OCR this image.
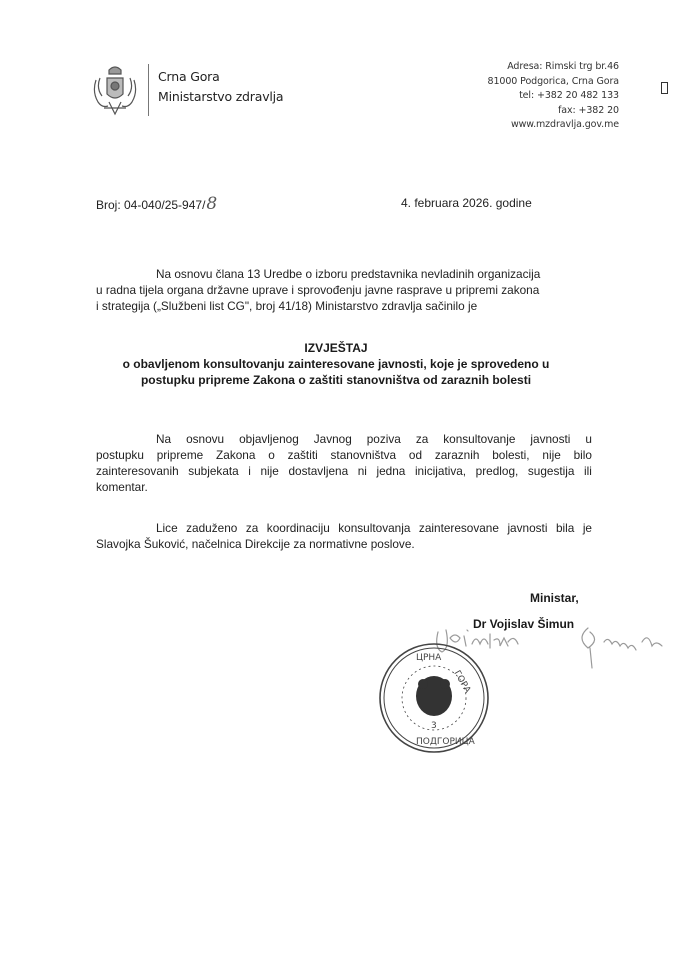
Crna Gora
Ministarstvo zdravlja
Adresa: Rimski trg br.46
81000 Podgorica, Crna Gora
tel: +382 20 482 133
fax: +382 20
www.mzdravlja.gov.me
Broj: 04-040/25-947/8	4. februara 2026. godine
Na osnovu člana 13 Uredbe o izboru predstavnika nevladinih organizacija
u radna tijela organa državne uprave i sprovođenju javne rasprave u pripremi zakona
i strategija („Službeni list CG", broj 41/18) Ministarstvo zdravlja sačinilo je
IZVJEŠTAJ
o obavljenom konsultovanju zainteresovane javnosti, koje je sprovedeno u
postupku pripreme Zakona o zaštiti stanovništva od zaraznih bolesti
Na osnovu objavljenog Javnog poziva za konsultovanje javnosti u
postupku pripreme Zakona o zaštiti stanovništva od zaraznih bolesti, nije bilo
zainteresovanih subjekata i nije dostavljena ni jedna inicijativa, predlog, sugestija ili
komentar.
Lice zaduženo za koordinaciju konsultovanja zainteresovane javnosti bila je
Slavojka Šuković, načelnica Direkcije za normativne poslove.
Ministar,
Dr Vojislav Šimun
ЦРНА
ГОРА
ПОДГОРИЦА
3
